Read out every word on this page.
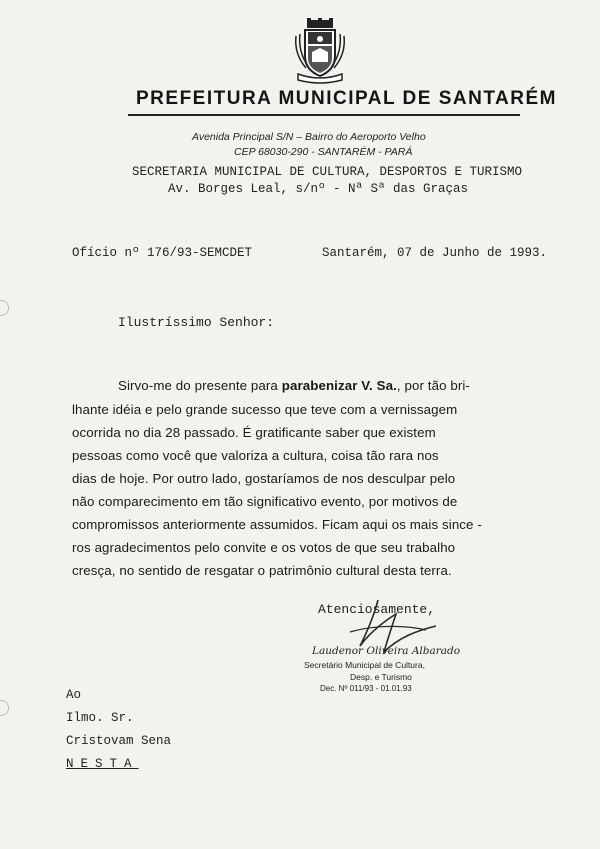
PREFEITURA MUNICIPAL DE SANTARÉM
Avenida Principal S/N – Bairro do Aeroporto Velho
CEP 68030-290 - SANTARÉM - PARÁ
SECRETARIA MUNICIPAL DE CULTURA, DESPORTOS E TURISMO
Av. Borges Leal, s/nº - Nª Sª das Graças
Ofício nº 176/93-SEMCDET	Santarém, 07 de Junho de 1993.
Ilustríssimo Senhor:
Sirvo-me do presente para parabenizar V. Sa., por tão bri-
lhante idéia e pelo grande sucesso que teve com a vernissagem
ocorrida no dia 28 passado. É gratificante saber que existem
pessoas como você que valoriza a cultura, coisa tão rara nos
dias de hoje. Por outro lado, gostaríamos de nos desculpar pelo
não comparecimento em tão significativo evento, por motivos de
compromissos anteriormente assumidos. Ficam aqui os mais since -
ros agradecimentos pelo convite e os votos de que seu trabalho
cresça, no sentido de resgatar o patrimônio cultural desta terra.
Atenciosamente,
Laudenor Oliveira Albarado
Secretário Municipal de Cultura,
Desp. e Turismo
Dec. Nº 011/93 - 01.01.93
Ao
Ilmo. Sr.
Cristovam Sena
NESTA
